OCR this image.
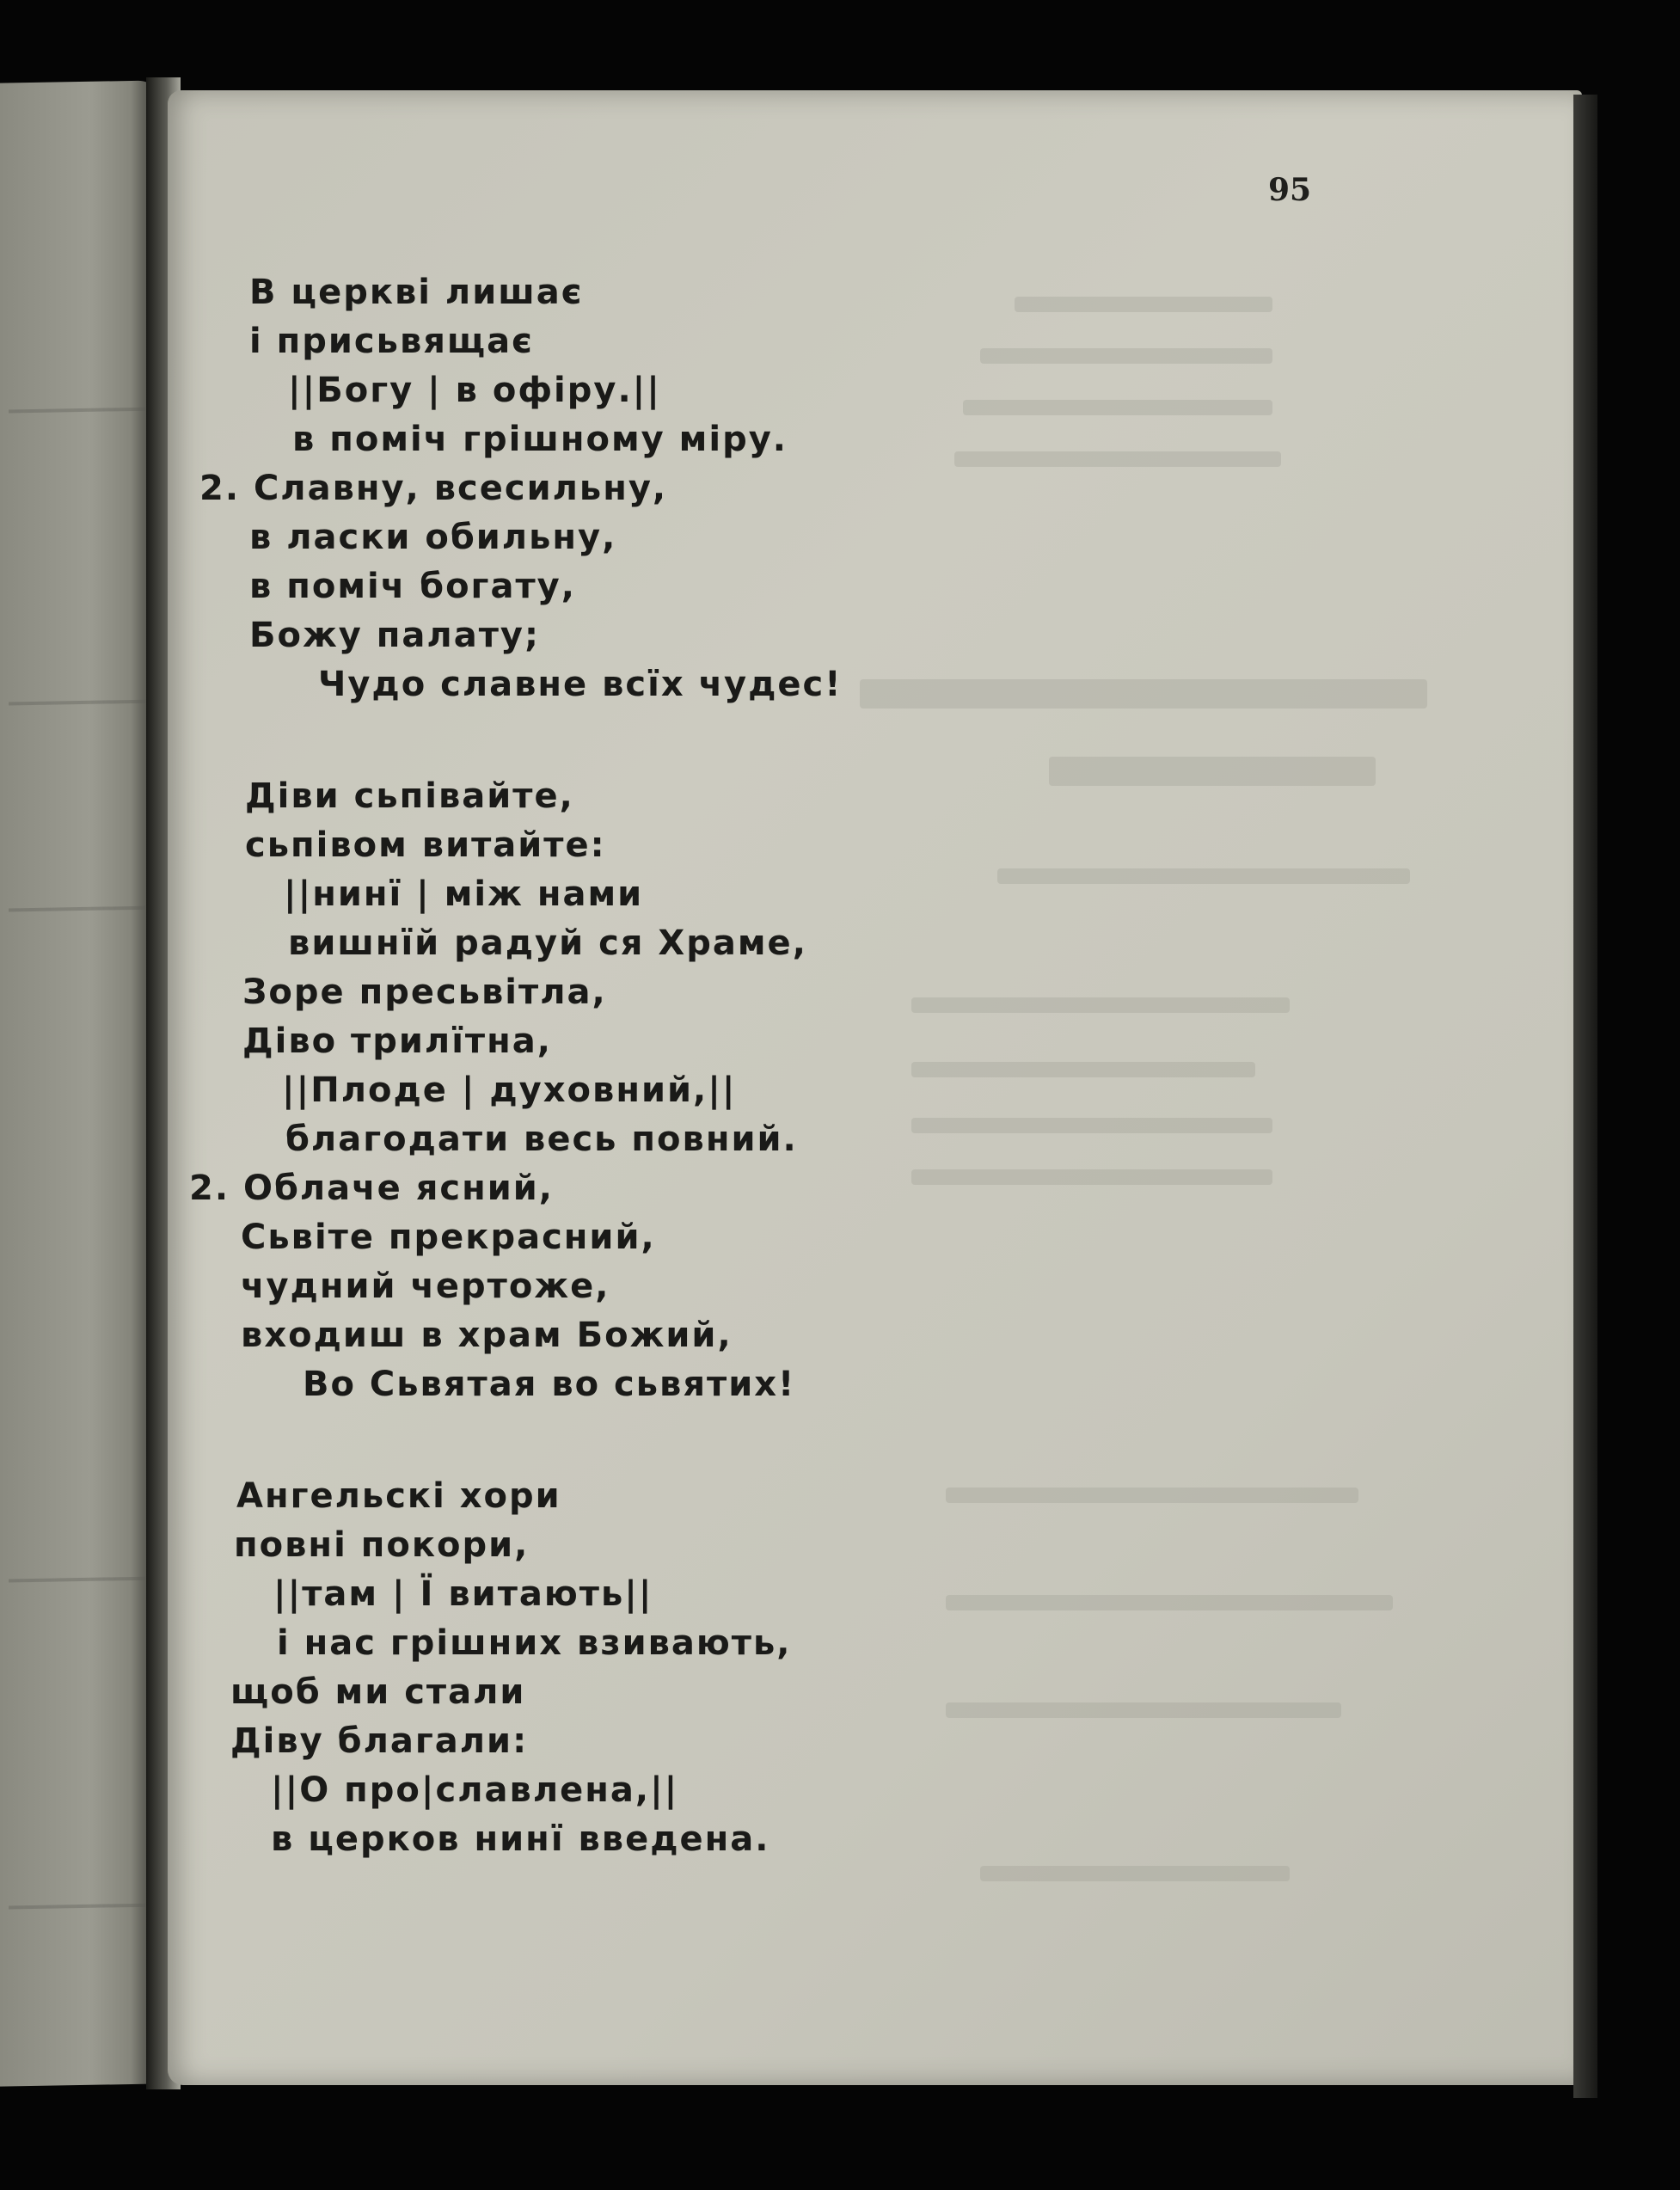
95
В церкві лишає
і присьвящає
||Богу | в офіру.||
в поміч грішному міру.
2. Славну, всесильну,
в ласки обильну,
в поміч богату,
Божу палату;
Чудо славне всїх чудес!
Діви сьпівайте,
сьпівом витайте:
||нинї | між нами
вишнїй радуй ся Храме,
Зоре пресьвітла,
Діво трилїтна,
||Плоде | духовний,||
благодати весь повний.
2. Облаче ясний,
Сьвіте прекрасний,
чудний чертоже,
входиш в храм Божий,
Во Сьвятая во сьвятих!
Ангельскі хори
повні покори,
||там | Ї витають||
і нас грішних взивають,
щоб ми стали
Діву благали:
||О про|славлена,||
в церков нинї введена.
